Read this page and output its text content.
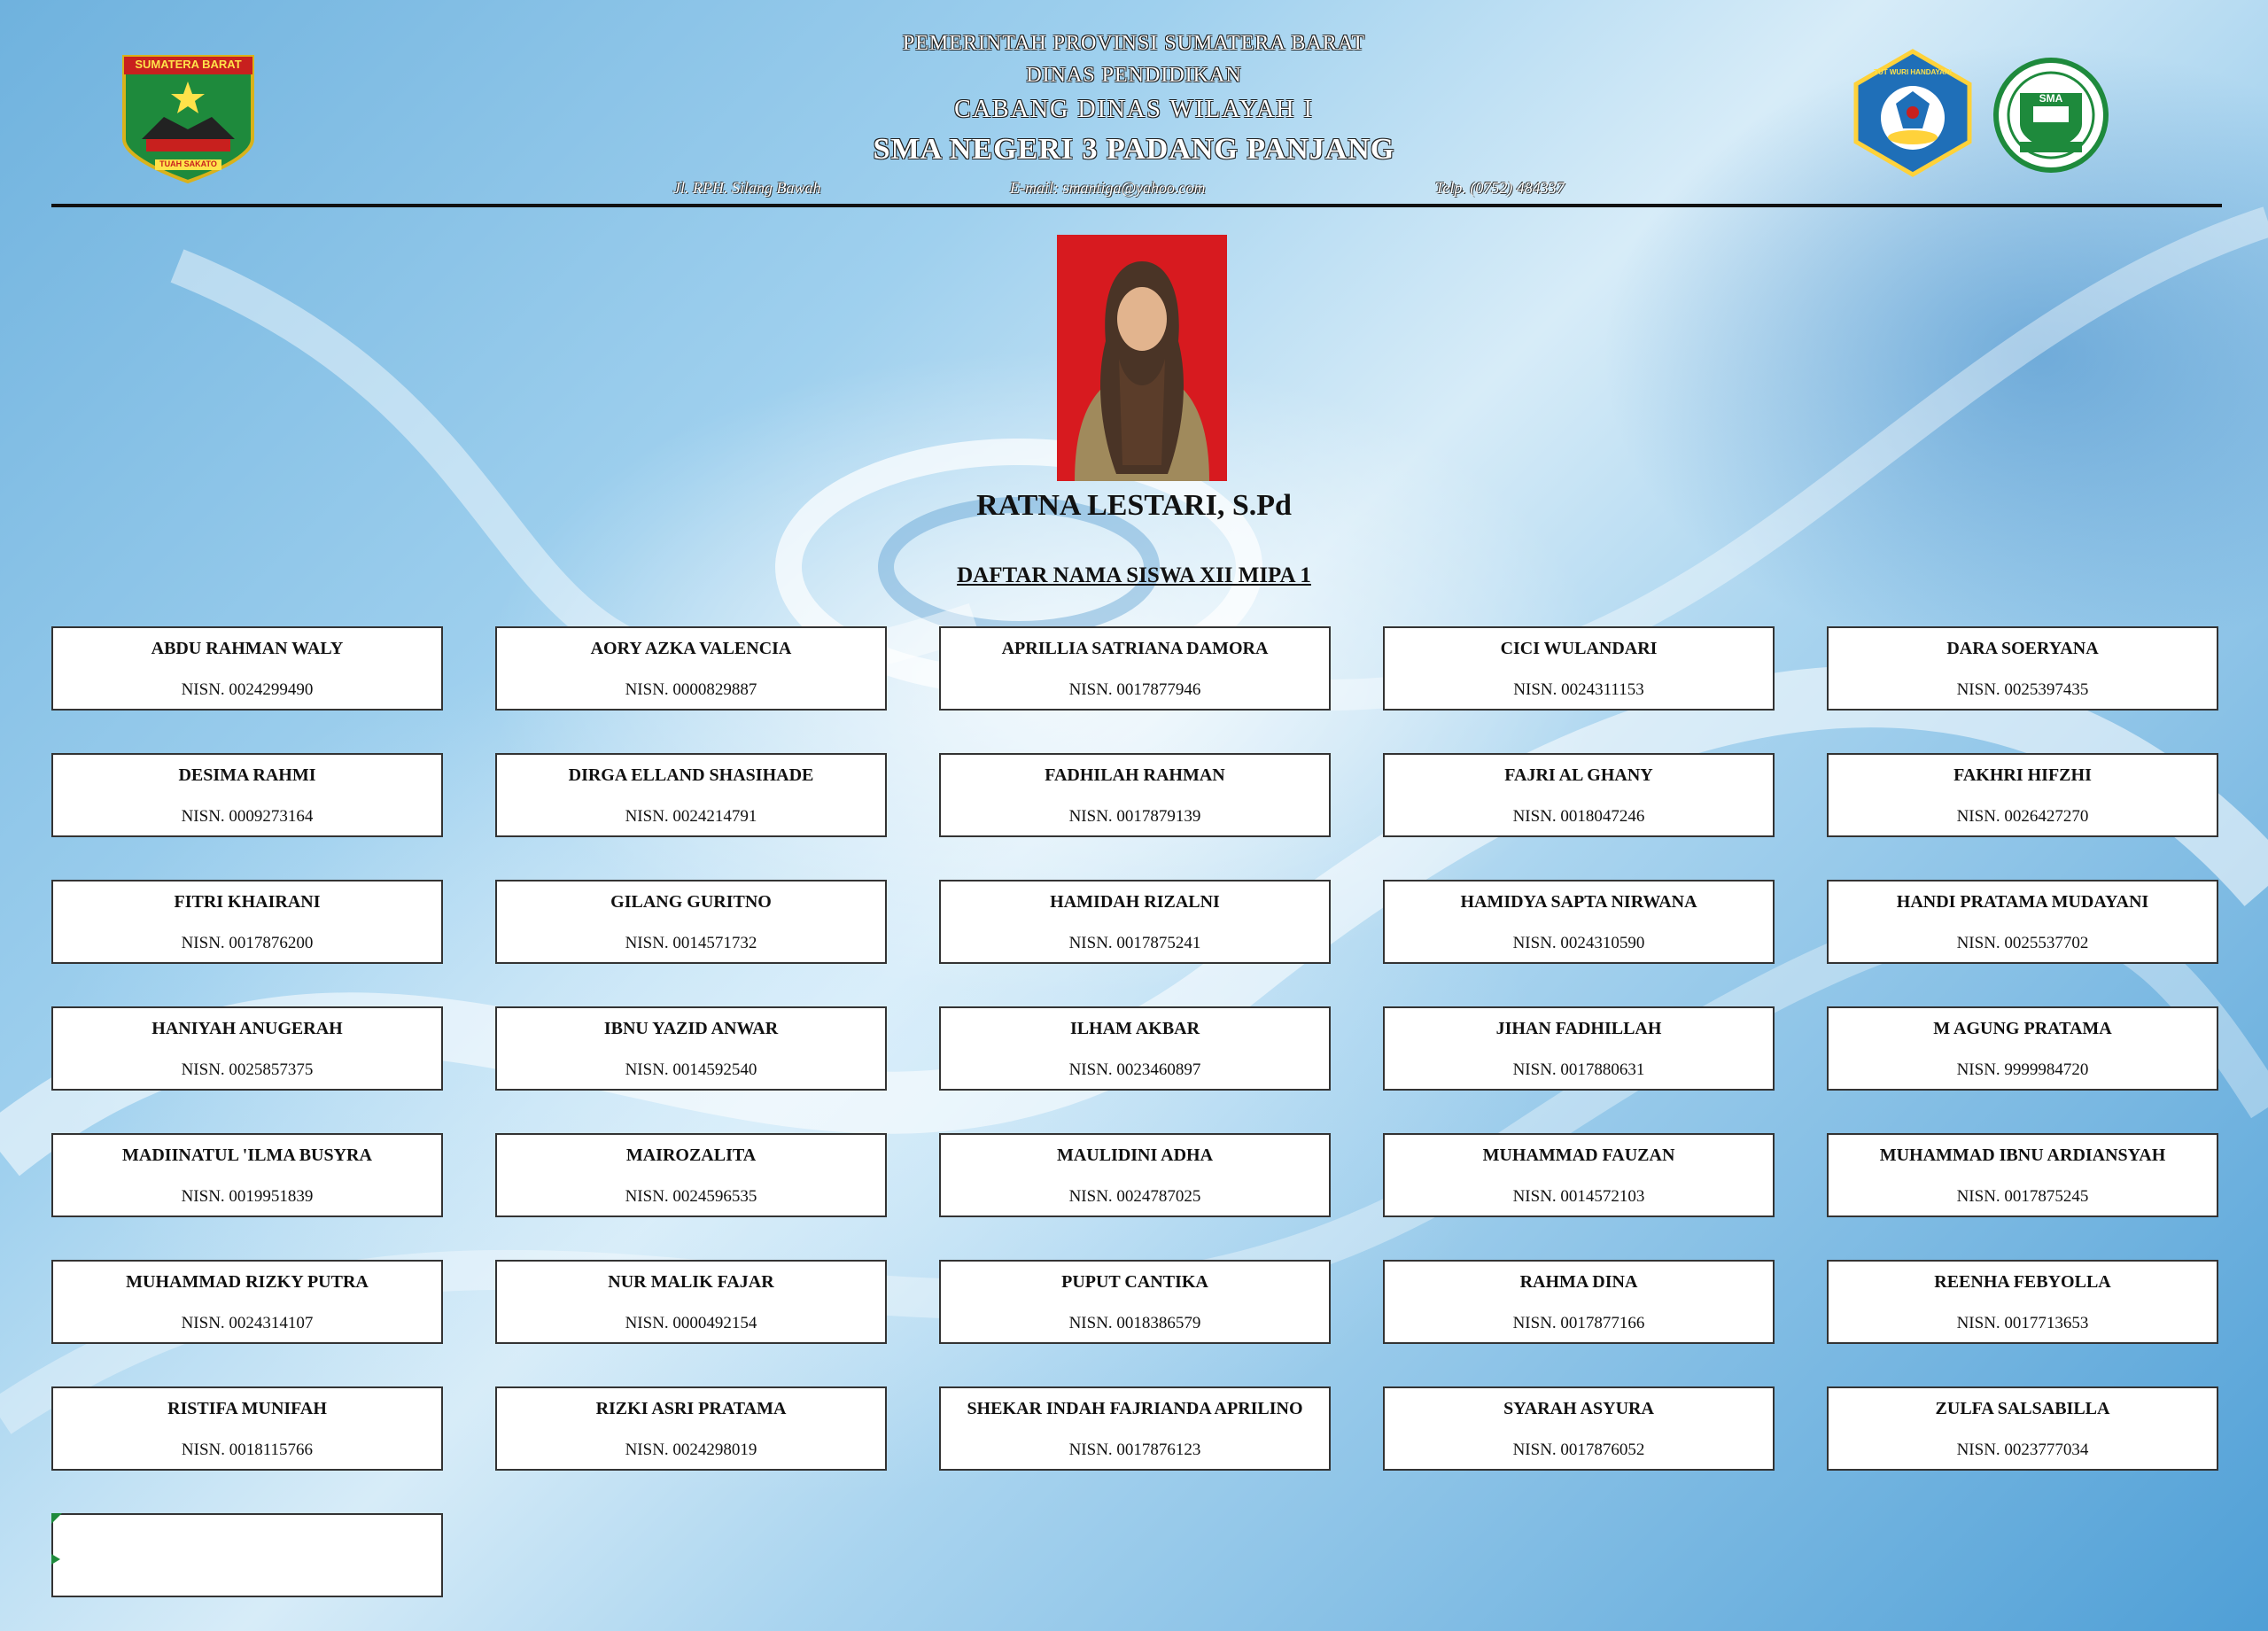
SUMATERA BARAT
TUAH SAKATO
PEMERINTAH PROVINSI SUMATERA BARAT
DINAS PENDIDIKAN
CABANG DINAS WILAYAH I
SMA NEGERI 3 PADANG PANJANG
Jl. RPH. Silang Bawah	E-mail: smantiga@yahoo.com	Telp. (0752) 484337
TUT WURI HANDAYANI
SMA
RATNA LESTARI, S.Pd
DAFTAR NAMA SISWA XII MIPA 1
ABDU RAHMAN WALY
NISN. 0024299490
AORY AZKA VALENCIA
NISN. 0000829887
APRILLIA SATRIANA DAMORA
NISN. 0017877946
CICI WULANDARI
NISN. 0024311153
DARA SOERYANA
NISN. 0025397435
DESIMA RAHMI
NISN. 0009273164
DIRGA ELLAND SHASIHADE
NISN. 0024214791
FADHILAH RAHMAN
NISN. 0017879139
FAJRI AL GHANY
NISN. 0018047246
FAKHRI HIFZHI
NISN. 0026427270
FITRI KHAIRANI
NISN. 0017876200
GILANG GURITNO
NISN. 0014571732
HAMIDAH RIZALNI
NISN. 0017875241
HAMIDYA SAPTA NIRWANA
NISN. 0024310590
HANDI PRATAMA MUDAYANI
NISN. 0025537702
HANIYAH ANUGERAH
NISN. 0025857375
IBNU YAZID ANWAR
NISN. 0014592540
ILHAM AKBAR
NISN. 0023460897
JIHAN FADHILLAH
NISN. 0017880631
M AGUNG PRATAMA
NISN. 9999984720
MADIINATUL 'ILMA BUSYRA
NISN. 0019951839
MAIROZALITA
NISN. 0024596535
MAULIDINI ADHA
NISN. 0024787025
MUHAMMAD FAUZAN
NISN. 0014572103
MUHAMMAD IBNU ARDIANSYAH
NISN. 0017875245
MUHAMMAD RIZKY PUTRA
NISN. 0024314107
NUR MALIK FAJAR
NISN. 0000492154
PUPUT CANTIKA
NISN. 0018386579
RAHMA DINA
NISN. 0017877166
REENHA FEBYOLLA
NISN. 0017713653
RISTIFA MUNIFAH
NISN. 0018115766
RIZKI ASRI PRATAMA
NISN. 0024298019
SHEKAR INDAH FAJRIANDA APRILINO
NISN. 0017876123
SYARAH ASYURA
NISN. 0017876052
ZULFA SALSABILLA
NISN. 0023777034
